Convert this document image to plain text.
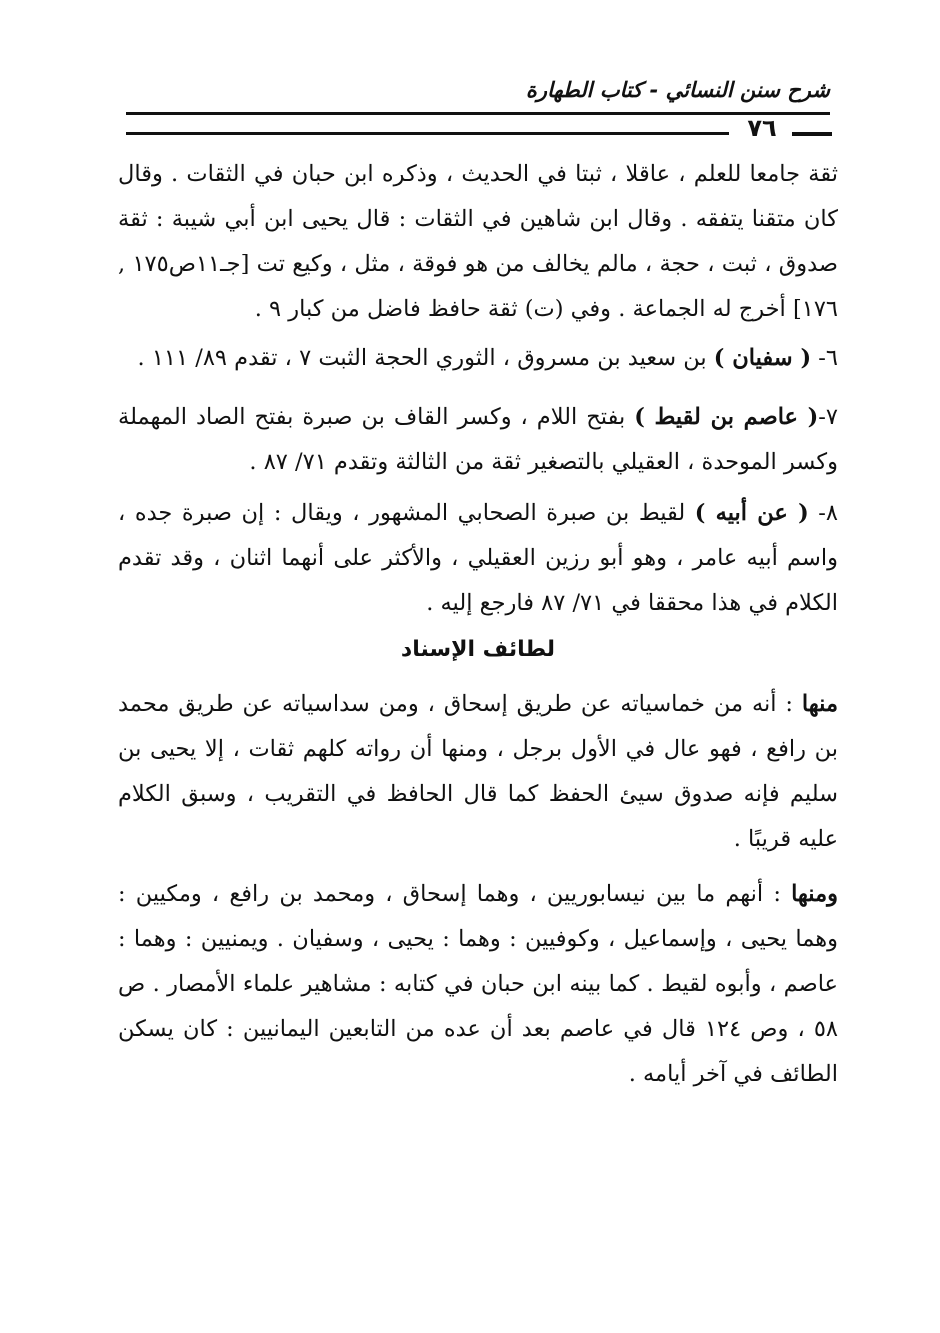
شرح سنن النسائي - كتاب الطهارة
٧٦

ثقة جامعا للعلم ، عاقلا ، ثبتا في الحديث ، وذكره ابن حبان في الثقات . وقال كان متقنا يتفقه . وقال ابن شاهين في الثقات : قال يحيى ابن أبي شيبة : ثقة صدوق ، ثبت ، حجة ، مالم يخالف من هو فوقة ، مثل ، وكيع تت [جـ١١ص١٧٥ , ١٧٦] أخرج له الجماعة . وفي (ت) ثقة حافظ فاضل من كبار ٩ .

٦- ( سفيان ) بن سعيد بن مسروق ، الثوري الحجة الثبت ٧ ، تقدم ٨٩/ ١١١ .

٧-( عاصم بن لقيط ) بفتح اللام ، وكسر القاف بن صبرة بفتح الصاد المهملة وكسر الموحدة ، العقيلي بالتصغير ثقة من الثالثة وتقدم ٧١/ ٨٧ .

٨- ( عن أبيه ) لقيط بن صبرة الصحابي المشهور ، ويقال : إن صبرة جده ، واسم أبيه عامر ، وهو أبو رزين العقيلي ، والأكثر على أنهما اثنان ، وقد تقدم الكلام في هذا محققا في ٧١/ ٨٧ فارجع إليه .

لطائف الإسناد

منها : أنه من خماسياته عن طريق إسحاق ، ومن سداسياته عن طريق محمد بن رافع ، فهو عال في الأول برجل ، ومنها أن رواته كلهم ثقات ، إلا يحيى بن سليم فإنه صدوق سيئ الحفظ كما قال الحافظ في التقريب ، وسبق الكلام عليه قريبًا .

ومنها : أنهم ما بين نيسابوريين ، وهما إسحاق ، ومحمد بن رافع ، ومكيين : وهما يحيى ، وإسماعيل ، وكوفيين : وهما : يحيى ، وسفيان . ويمنيين : وهما : عاصم ، وأبوه لقيط . كما بينه ابن حبان في كتابه : مشاهير علماء الأمصار . ص ٥٨ ، وص ١٢٤ قال في عاصم بعد أن عده من التابعين اليمانيين : كان يسكن الطائف في آخر أيامه .
